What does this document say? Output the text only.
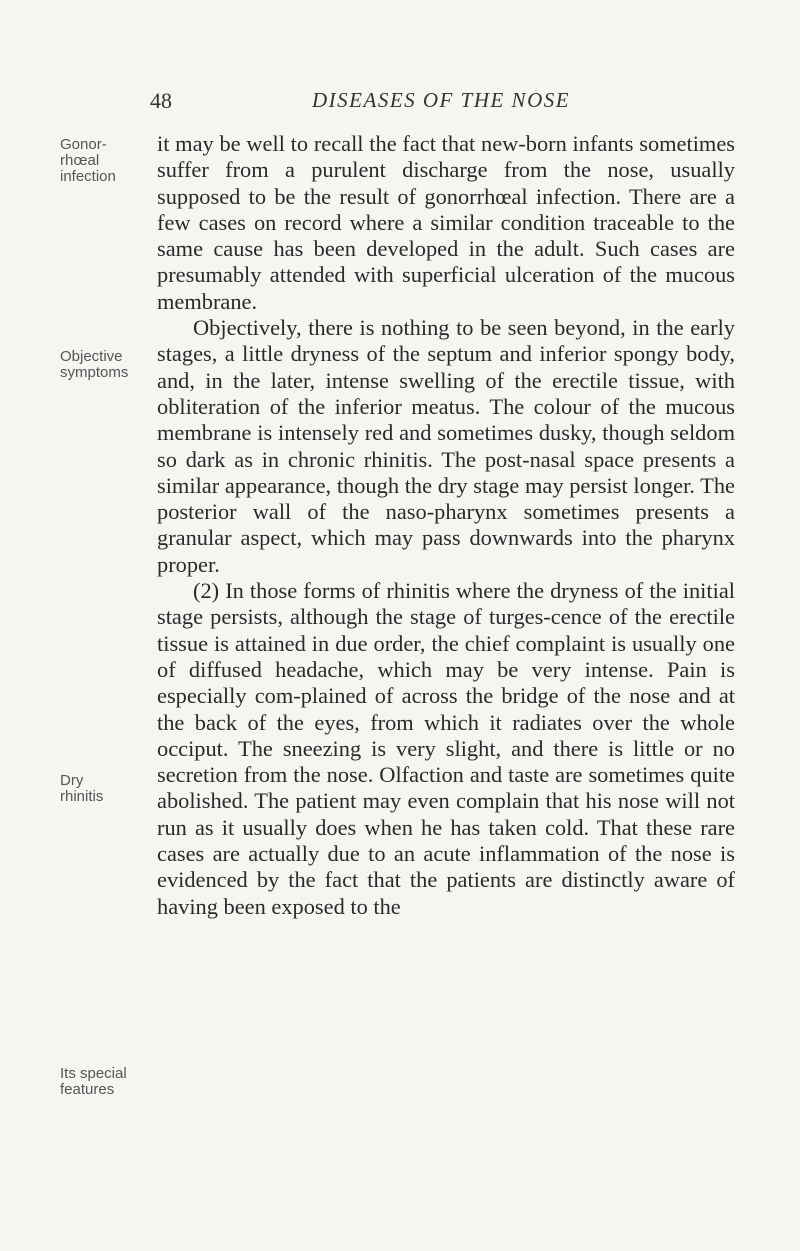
48	DISEASES OF THE NOSE
Gonor-
rhœal
infection
Objective
symptoms
Dry
rhinitis
Its special
features

it may be well to recall the fact that new-born infants sometimes suffer from a purulent discharge from the nose, usually supposed to be the result of gonorrhœal infection. There are a few cases on record where a similar condition traceable to the same cause has been developed in the adult. Such cases are presumably attended with superficial ulceration of the mucous membrane.

Objectively, there is nothing to be seen beyond, in the early stages, a little dryness of the septum and inferior spongy body, and, in the later, intense swelling of the erectile tissue, with obliteration of the inferior meatus. The colour of the mucous membrane is intensely red and sometimes dusky, though seldom so dark as in chronic rhinitis. The post-nasal space presents a similar appearance, though the dry stage may persist longer. The posterior wall of the naso-pharynx sometimes presents a granular aspect, which may pass downwards into the pharynx proper.

(2) In those forms of rhinitis where the dryness of the initial stage persists, although the stage of turges-cence of the erectile tissue is attained in due order, the chief complaint is usually one of diffused headache, which may be very intense. Pain is especially com-plained of across the bridge of the nose and at the back of the eyes, from which it radiates over the whole occiput. The sneezing is very slight, and there is little or no secretion from the nose. Olfaction and taste are sometimes quite abolished. The patient may even complain that his nose will not run as it usually does when he has taken cold. That these rare cases are actually due to an acute inflammation of the nose is evidenced by the fact that the patients are distinctly aware of having been exposed to the
